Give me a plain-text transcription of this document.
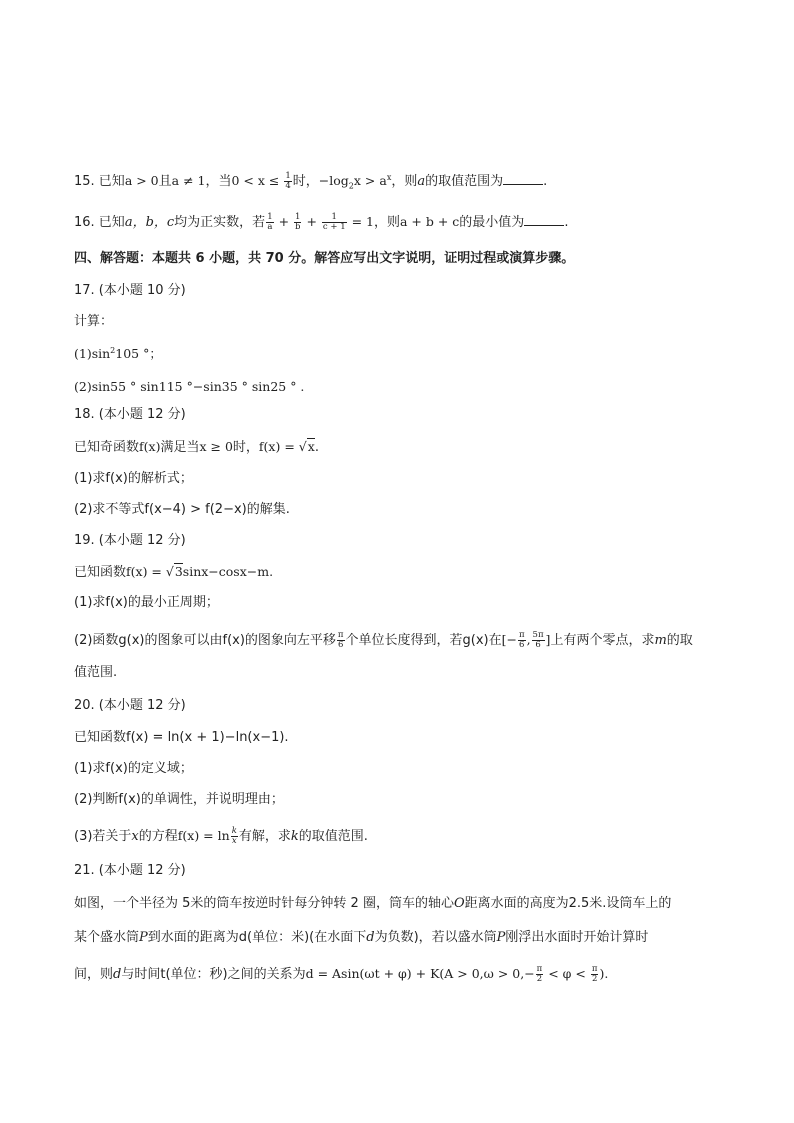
15. 已知a > 0且a ≠ 1，当$0 < x \le \frac{1}{4}$ 时，$-\log_2x > a^x$，则a的取值范围为	.
16. 已知a，b，c均为正实数，若 $\frac{1}{a} + \frac{1}{b} + \frac{1}{c + 1} = 1$，则a + b + c的最小值为	.
四、解答题：本题共 6 小题，共 70 分。解答应写出文字说明，证明过程或演算步骤。
17. (本小题 10 分)
计算：
$(1)\sin^2105$ °；
(2)sin55 ° sin115 °−sin35 ° sin25 ° .
18. (本小题 12 分)
已知奇函数f(x)满足当x ≥ 0时，f(x) = √x.
(1)求f(x)的解析式；
(2)求不等式f(x−4) > f(2−x)的解集.
19. (本小题 12 分)
已知函数f(x) = √3sinx−cosx−m.
(1)求f(x)的最小正周期；
(2)函数g(x)的图象可以由f(x)的图象向左平移 $\frac{\pi}{6}$ 个单位长度得到，若g(x)在[− $\frac{\pi}{6}$ , $\frac{5\pi}{6}$ ]上有两个零点，求m的取
值范围.
20. (本小题 12 分)
已知函数f(x) = ln(x + 1)−ln(x−1).
(1)求f(x)的定义域；
(2)判断f(x)的单调性，并说明理由；
(3)若关于x的方程$f(x) = \ln \frac{k}{x}$ 有解，求k的取值范围.
21. (本小题 12 分)
如图，一个半径为 5米的筒车按逆时针每分钟转 2 圈，筒车的轴心O距离水面的高度为2.5米.设筒车上的
某个盛水筒P到水面的距离为d(单位：米)(在水面下d为负数)，若以盛水筒P刚浮出水面时开始计算时
间，则d与时间t(单位：秒)之间的关系为$d = Asin(\omega t + \varphi) + K(A > 0,\omega > 0,- \frac{\pi}{2} < \varphi < \frac{\pi}{2}$ ).
